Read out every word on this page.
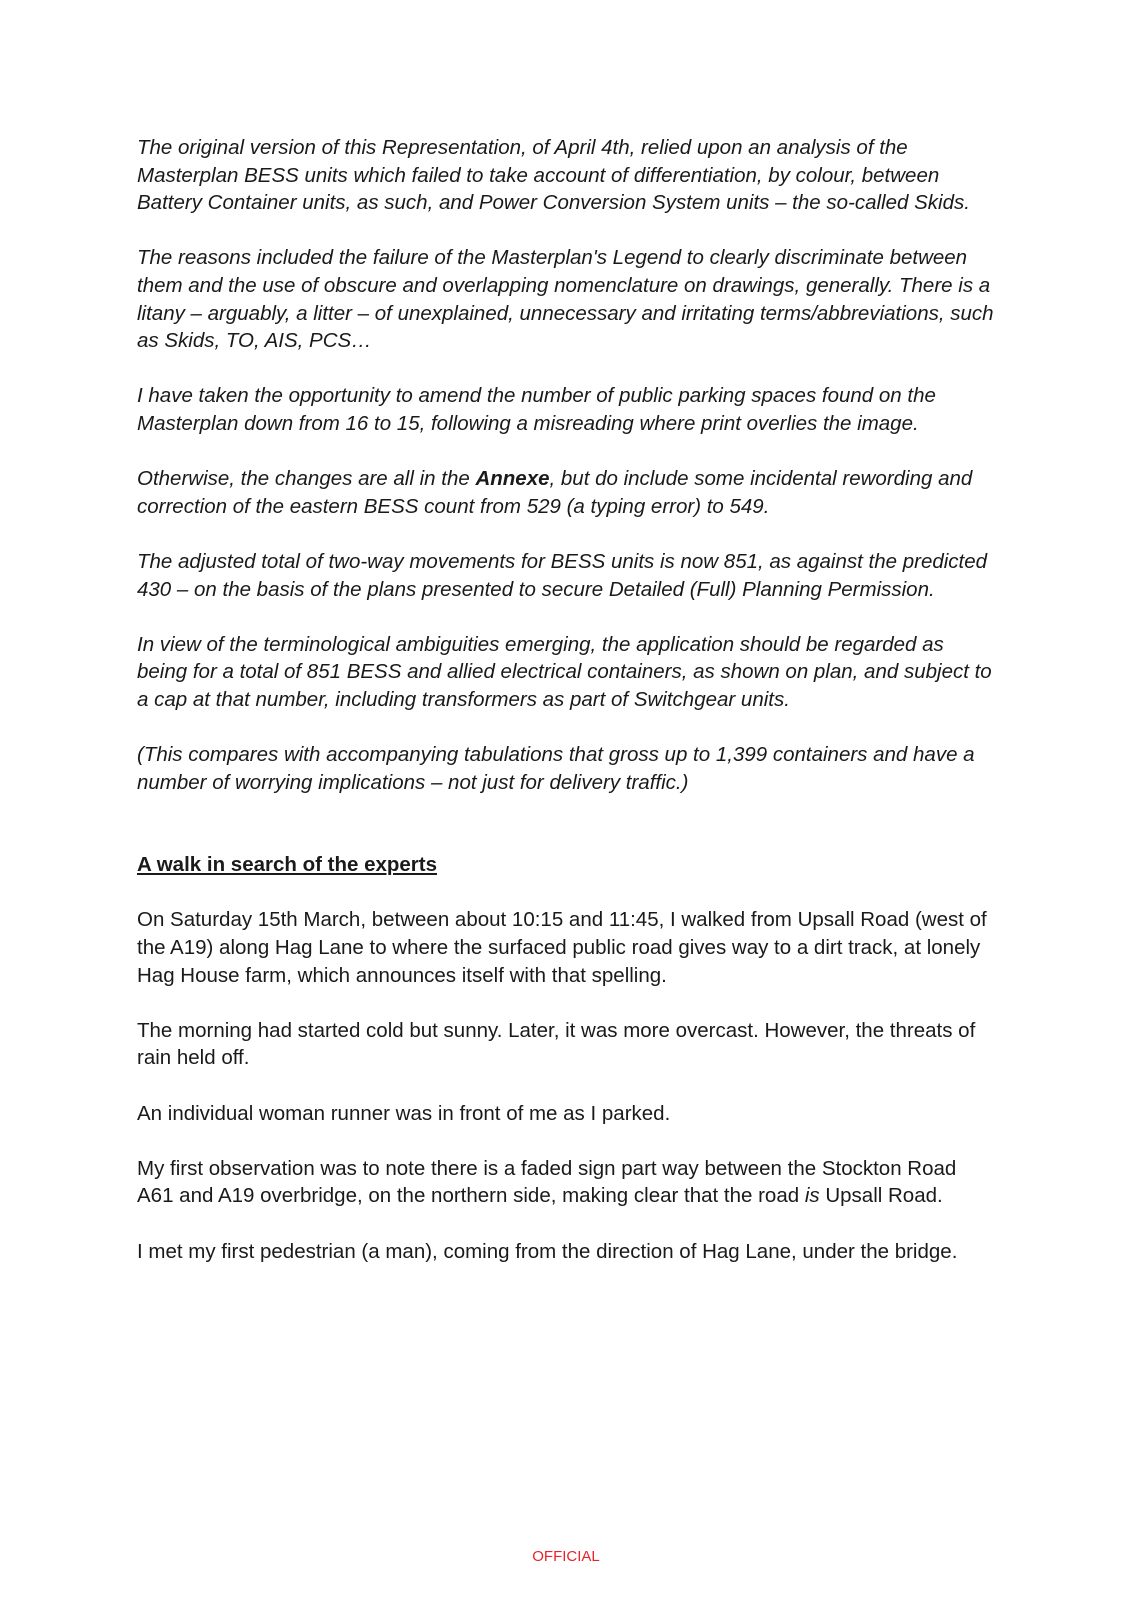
The original version of this Representation, of April 4th, relied upon an analysis of the Masterplan BESS units which failed to take account of differentiation, by colour, between Battery Container units, as such, and Power Conversion System units – the so-called Skids.

The reasons included the failure of the Masterplan's Legend to clearly discriminate between them and the use of obscure and overlapping nomenclature on drawings, generally. There is a litany – arguably, a litter – of unexplained, unnecessary and irritating terms/abbreviations, such as Skids, TO, AIS, PCS…

I have taken the opportunity to amend the number of public parking spaces found on the Masterplan down from 16 to 15, following a misreading where print overlies the image.

Otherwise, the changes are all in the Annexe, but do include some incidental rewording and correction of the eastern BESS count from 529 (a typing error) to 549.

The adjusted total of two-way movements for BESS units is now 851, as against the predicted 430 – on the basis of the plans presented to secure Detailed (Full) Planning Permission.

In view of the terminological ambiguities emerging, the application should be regarded as being for a total of 851 BESS and allied electrical containers, as shown on plan, and subject to a cap at that number, including transformers as part of Switchgear units.

(This compares with accompanying tabulations that gross up to 1,399 containers and have a number of worrying implications – not just for delivery traffic.)

A walk in search of the experts

On Saturday 15th March, between about 10:15 and 11:45, I walked from Upsall Road (west of the A19) along Hag Lane to where the surfaced public road gives way to a dirt track, at lonely Hag House farm, which announces itself with that spelling.

The morning had started cold but sunny. Later, it was more overcast. However, the threats of rain held off.

An individual woman runner was in front of me as I parked.

My first observation was to note there is a faded sign part way between the Stockton Road A61 and A19 overbridge, on the northern side, making clear that the road is Upsall Road.

I met my first pedestrian (a man), coming from the direction of Hag Lane, under the bridge.

OFFICIAL
